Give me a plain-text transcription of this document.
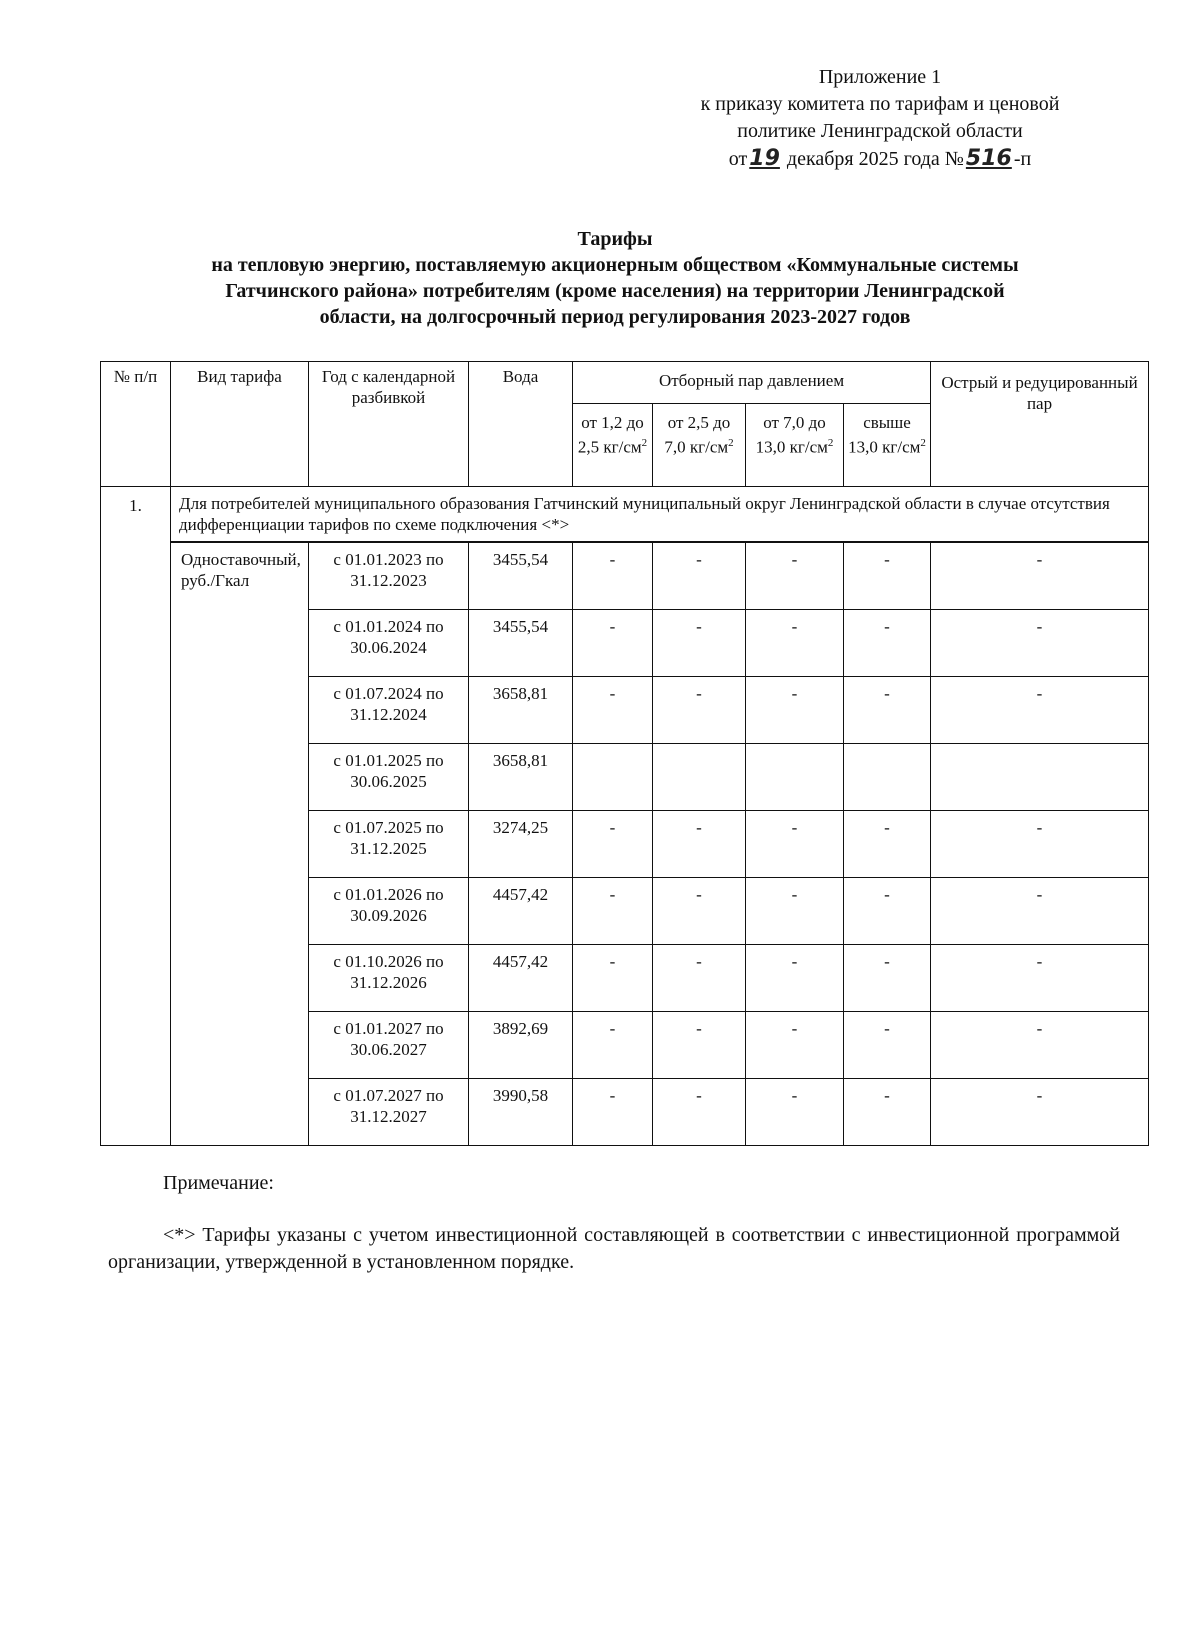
Приложение 1
к приказу комитета по тарифам и ценовой
политике Ленинградской области
от19 декабря 2025 года №516 -п
Тарифы
на тепловую энергию, поставляемую акционерным обществом «Коммунальные системы
Гатчинского района» потребителям (кроме населения) на территории Ленинградской
области, на долгосрочный период регулирования 2023-2027 годов
№ п/п	Вид тарифа	Год с календарной разбивкой	Вода	Отборный пар давлением				Острый и редуцированный пар
				от 1,2 до 2,5 $кг/см^2$	от 2,5 до 7,0 $кг/см^2$	от 7,0 до 13,0 $кг/см^2$	свыше 13,0 $кг/см^2$
1.	Для потребителей муниципального образования Гатчинский муниципальный округ Ленинградской области в случае отсутствия дифференциации тарифов по схеме подключения <*>							

	Одноставочный, руб./Гкал	с 01.01.2023 по 31.12.2023	3455,54	-	-	-	-	-
		с 01.01.2024 по 30.06.2024	3455,54	-	-	-	-	-
		с 01.07.2024 по 31.12.2024	3658,81	-	-	-	-	-
		с 01.01.2025 по 30.06.2025	3658,81					
		с 01.07.2025 по 31.12.2025	3274,25	-	-	-	-	-
		с 01.01.2026 по 30.09.2026	4457,42	-	-	-	-	-
		с 01.10.2026 по 31.12.2026	4457,42	-	-	-	-	-
		с 01.01.2027 по 30.06.2027	3892,69	-	-	-	-	-
		с 01.07.2027 по 31.12.2027	3990,58	-	-	-	-	-
Примечание:
<*> Тарифы указаны с учетом инвестиционной составляющей в соответствии с инвестиционной программой организации, утвержденной в установленном порядке.
